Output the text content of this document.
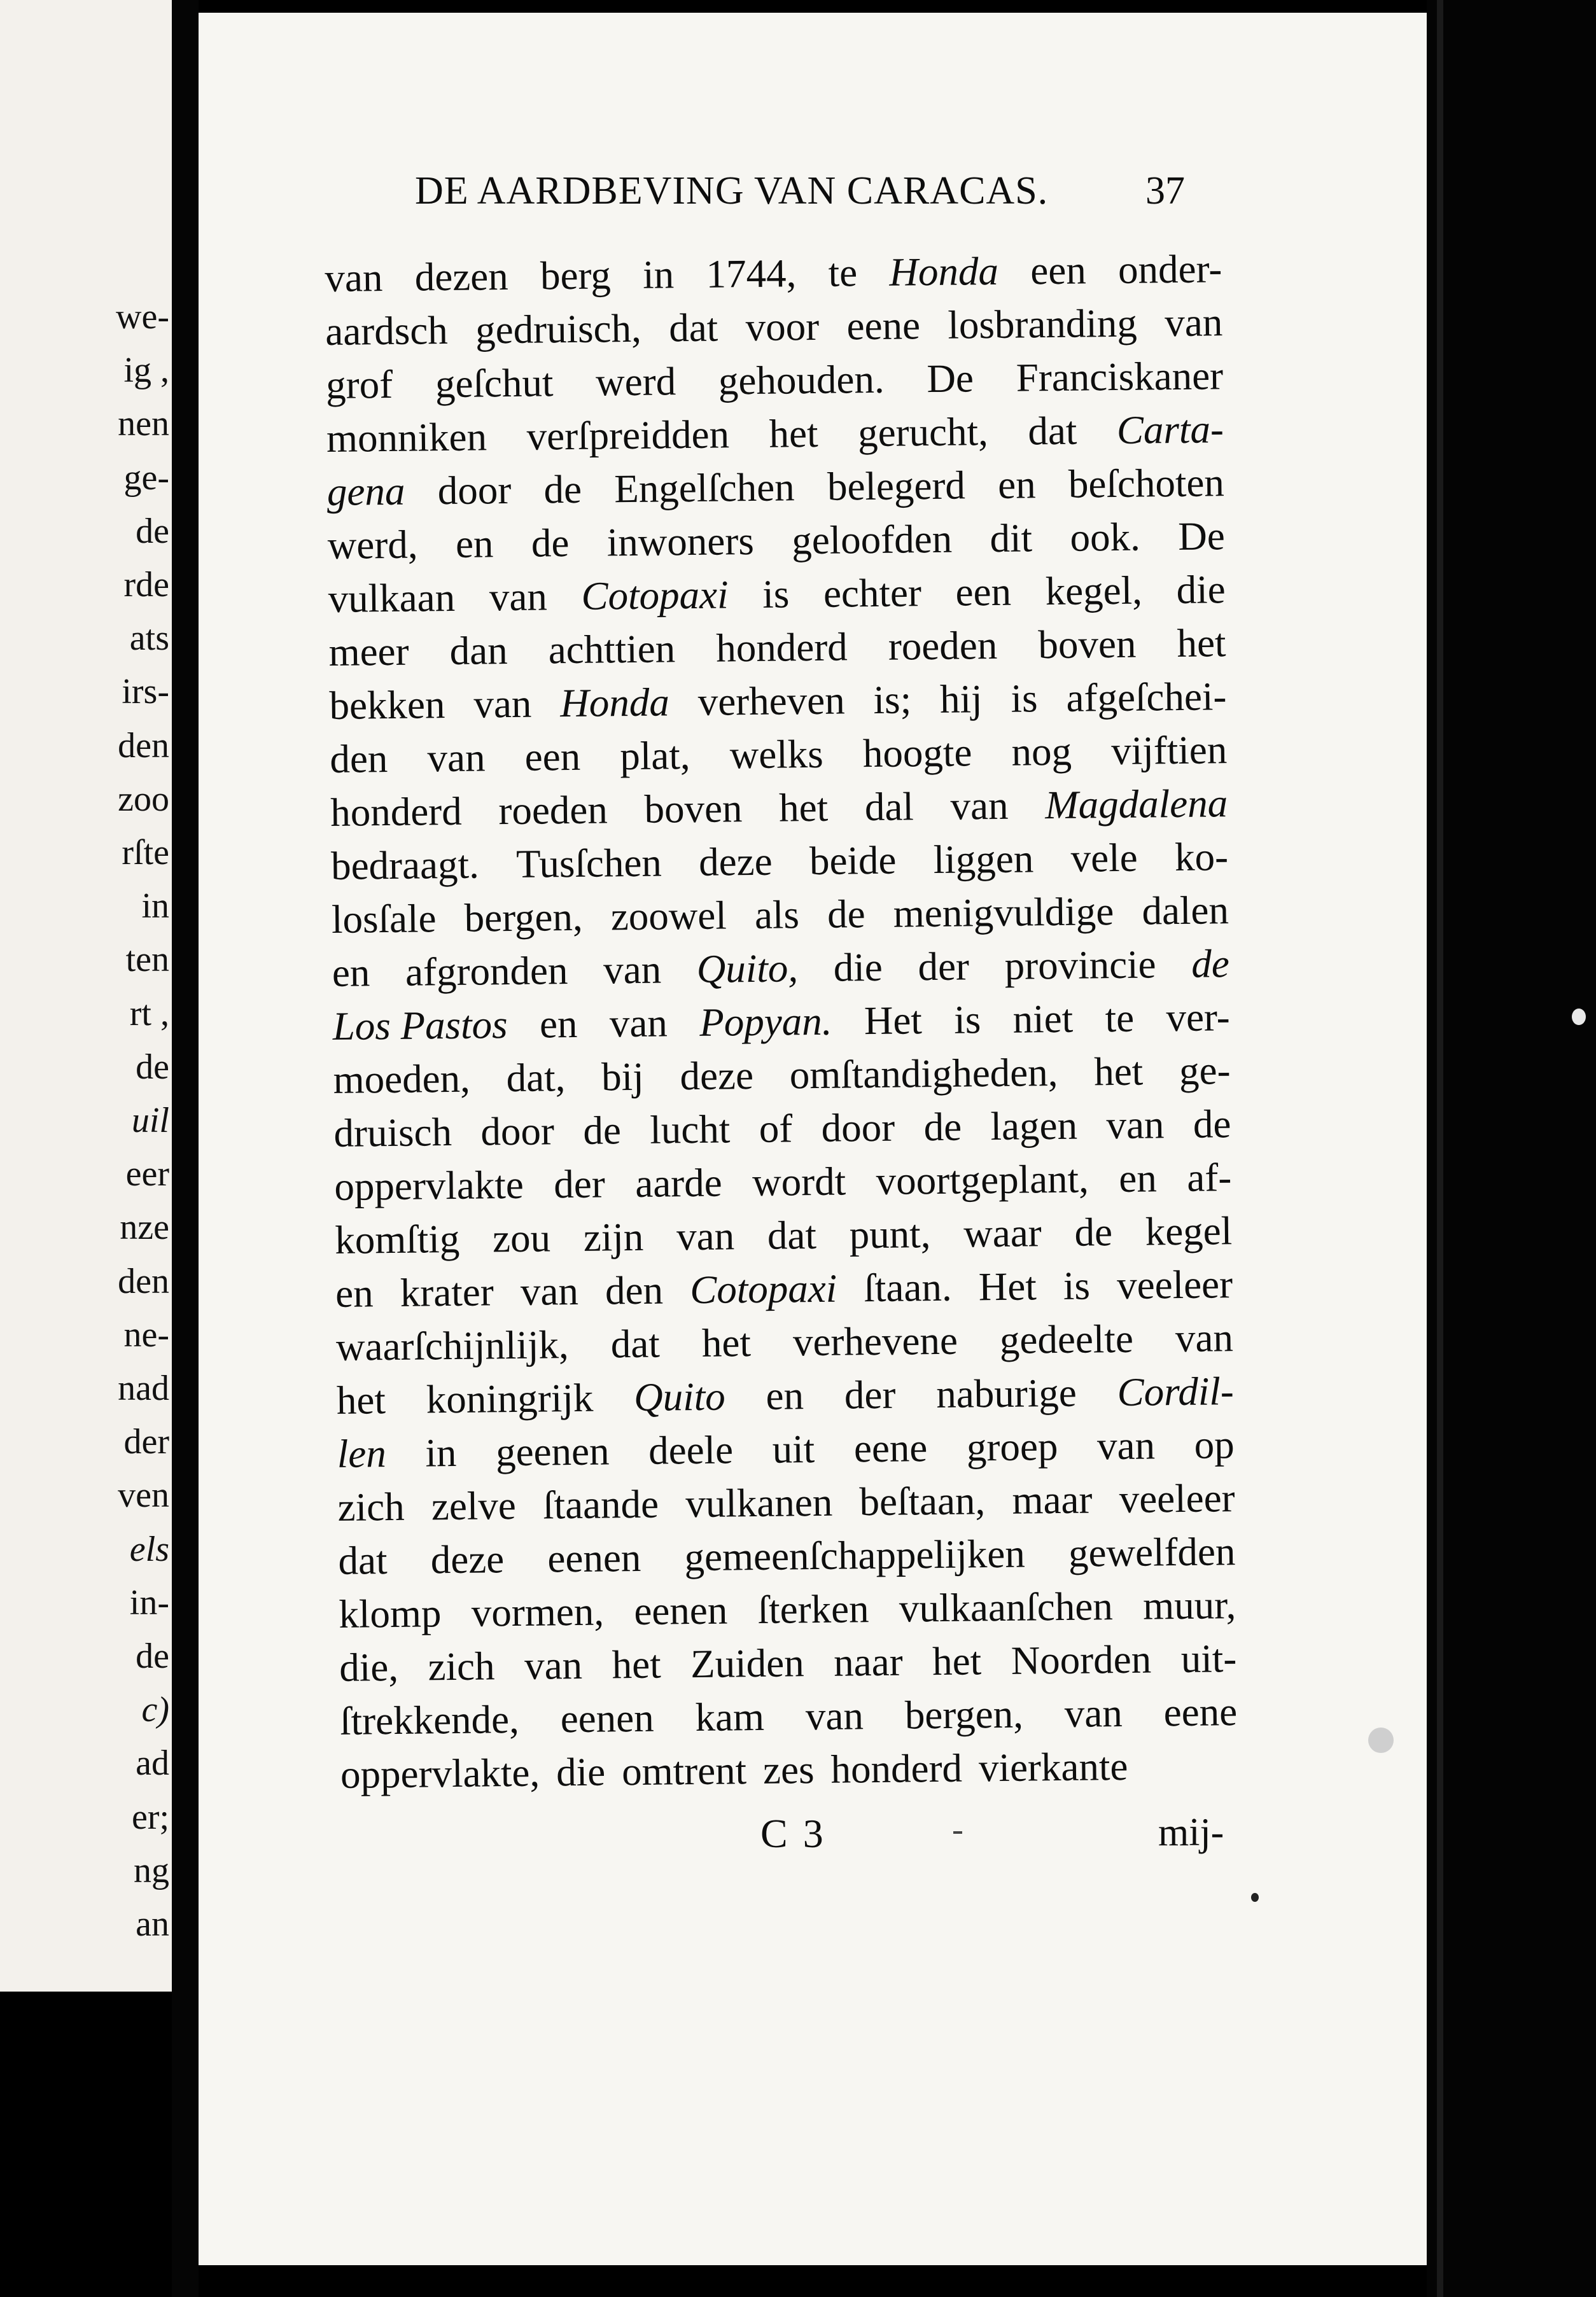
we-
ig ,
nen
ge-
de
rde
ats
irs-
den
zoo
rſte
in
ten
rt ,
de
uil
eer
nze
den
ne-
nad
der
ven
els
in-
de
c)
ad
er;
ng
an
DE AARDBEVING VAN CARACAS. 37
van dezen berg in 1744, te Honda een onder-
aardsch gedruisch, dat voor eene losbranding van
grof geſchut werd gehouden. De Franciskaner
monniken verſpreidden het gerucht, dat Carta-
gena door de Engelſchen belegerd en beſchoten
werd, en de inwoners geloofden dit ook. De
vulkaan van Cotopaxi is echter een kegel, die
meer dan achttien honderd roeden boven het
bekken van Honda verheven is; hij is afgeſchei-
den van een plat, welks hoogte nog vijftien
honderd roeden boven het dal van Magdalena
bedraagt. Tusſchen deze beide liggen vele ko-
losſale bergen, zoowel als de menigvuldige dalen
en afgronden van Quito, die der provincie de
Los Pastos en van Popyan. Het is niet te ver-
moeden, dat, bij deze omſtandigheden, het ge-
druisch door de lucht of door de lagen van de
oppervlakte der aarde wordt voortgeplant, en af-
komſtig zou zijn van dat punt, waar de kegel
en krater van den Cotopaxi ſtaan. Het is veeleer
waarſchijnlijk, dat het verhevene gedeelte van
het koningrijk Quito en der naburige Cordil-
len in geenen deele uit eene groep van op
zich zelve ſtaande vulkanen beſtaan, maar veeleer
dat deze eenen gemeenſchappelijken gewelfden
klomp vormen, eenen ſterken vulkaanſchen muur,
die, zich van het Zuiden naar het Noorden uit-
ſtrekkende, eenen kam van bergen, van eene
oppervlakte, die omtrent zes honderd vierkante
C 3	mij-
